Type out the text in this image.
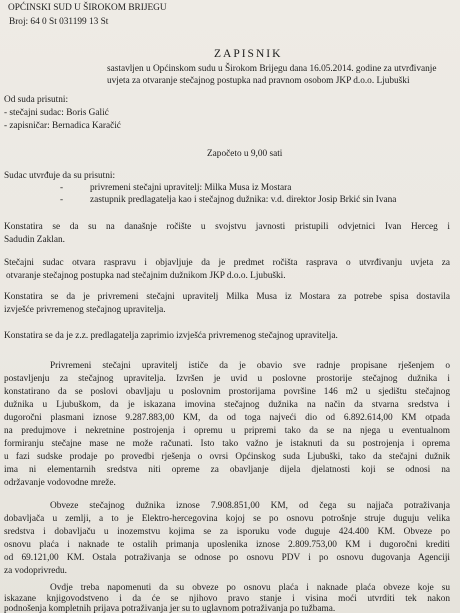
OPĆINSKI SUD U ŠIROKOM BRIJEGU
Broj: 64 0 St 031199 13 St
ZAPISNIK
sastavljen u Općinskom sudu u Širokom Brijegu dana 16.05.2014. godine za utvrđivanje
uvjeta za otvaranje stečajnog postupka nad pravnom osobom JKP d.o.o. Ljubuški
Od suda prisutni:
- stečajni sudac: Boris Galić
- zapisničar: Bernadica Karačić
Započeto u 9,00 sati
Sudac utvrđuje da su prisutni:
-	privremeni stečajni upravitelj: Milka Musa iz Mostara
-	zastupnik predlagatelja kao i stečajnog dužnika: v.d. direktor Josip Brkić sin Ivana
Konstatira se da su na današnje ročište u svojstvu javnosti pristupili odvjetnici Ivan Herceg i
Sadudin Zaklan.
Stečajni sudac otvara raspravu i objavljuje da je predmet ročišta rasprava o utvrđivanju uvjeta za
otvaranje stečajnog postupka nad stečajnim dužnikom JKP d.o.o. Ljubuški.
Konstatira se da je privremeni stečajni upravitelj Milka Musa iz Mostara za potrebe spisa dostavila
izvješće privremenog stečajnog upravitelja.
Konstatira se da je z.z. predlagatelja zaprimio izvješća privremenog stečajnog upravitelja.
Privremeni stečajni upravitelj ističe da je obavio sve radnje propisane rješenjem o
postavljenju za stečajnog upravitelja. Izvršen je uvid u poslovne prostorije stečajnog dužnika i
konstatirano da se poslovi obavljaju u poslovnim prostorijama površine 146 m2 u sjedištu stečajnog
dužnika u Ljubuškom, da je iskazana imovina stečajnog dužnika na način da stvarna sredstva i
dugoročni plasmani iznose 9.287.883,00 KM, da od toga najveći dio od 6.892.614,00 KM otpada
na predujmove i nekretnine postrojenja i opremu u pripremi tako da se na njega u eventualnom
formiranju stečajne mase ne može računati. Isto tako važno je istaknuti da su postrojenja i oprema
u fazi sudske prodaje po provedbi rješenja o ovrsi Općinskog suda Ljubuški, tako da stečajni dužnik
ima ni elementarnih sredstva niti opreme za obavljanje dijela djelatnosti koji se odnosi na
održavanje vodovodne mreže.
Obveze stečajnog dužnika iznose 7.908.851,00 KM, od čega su najjača potraživanja
dobavljača u zemlji, a to je Elektro-hercegovina kojoj se po osnovu potrošnje struje duguju velika
sredstva i dobavljaču u inozemstvu kojima se za isporuku vode duguje 424.400 KM. Obveze po
osnovu plaća i naknade te ostalih primanja uposlenika iznose 2.809.753,00 KM i dugoročni krediti
od 69.121,00 KM. Ostala potraživanja se odnose po osnovu PDV i po osnovu dugovanja Agenciji
za vodoprivredu.
Ovdje treba napomenuti da su obveze po osnovu plaća i naknade plaća obveze koje su
iskazane knjigovodstveno i da će se njihovo pravo stanje i visina moći utvrditi tek nakon
podnošenja kompletnih prijava potraživanja jer su to uglavnom potraživanja po tužbama.
